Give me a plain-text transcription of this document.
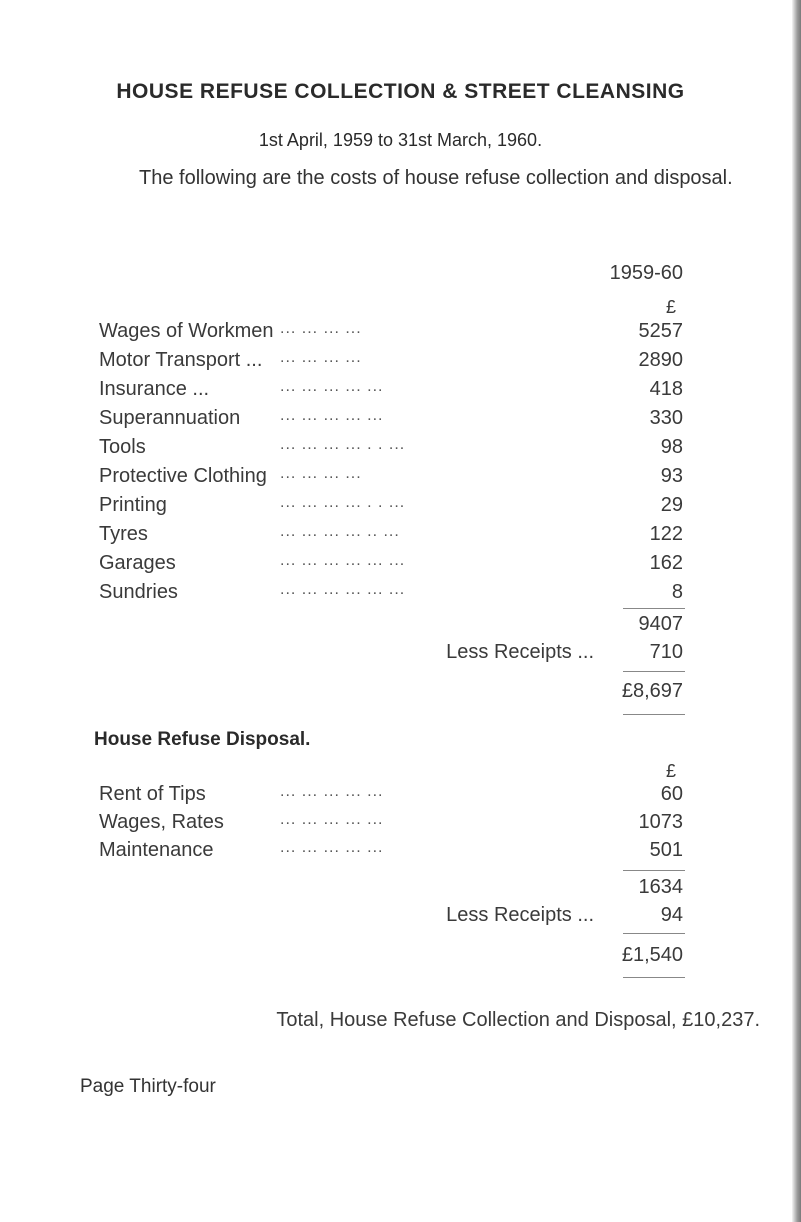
HOUSE REFUSE COLLECTION & STREET CLEANSING
1st April, 1959 to 31st March, 1960.
The following are the costs of house refuse collection and disposal.
1959-60
£
Wages of Workmen ... ... ... ...	5257
Motor Transport ... ... ... ... ...	2890
Insurance ...	... ... ... ... ...	418
Superannuation ... ... ... ... ...	330
Tools	... ... ... ... . . ...	98
Protective Clothing ... ... ... ...	93
Printing	... ... ... ... . . ...	29
Tyres	... ... ... ... .. ...	122
Garages	... ... ... ... ... ...	162
Sundries	... ... ... ... ... ...	8
9407
Less Receipts ...	710
£8,697
House Refuse Disposal.
£
Rent of Tips	... ... ... ... ...	60
Wages, Rates	... ... ... ... ...	1073
Maintenance	... ... ... ... ...	501
1634
Less Receipts ...	94
£1,540
Total, House Refuse Collection and Disposal, £10,237.
Page Thirty-four
